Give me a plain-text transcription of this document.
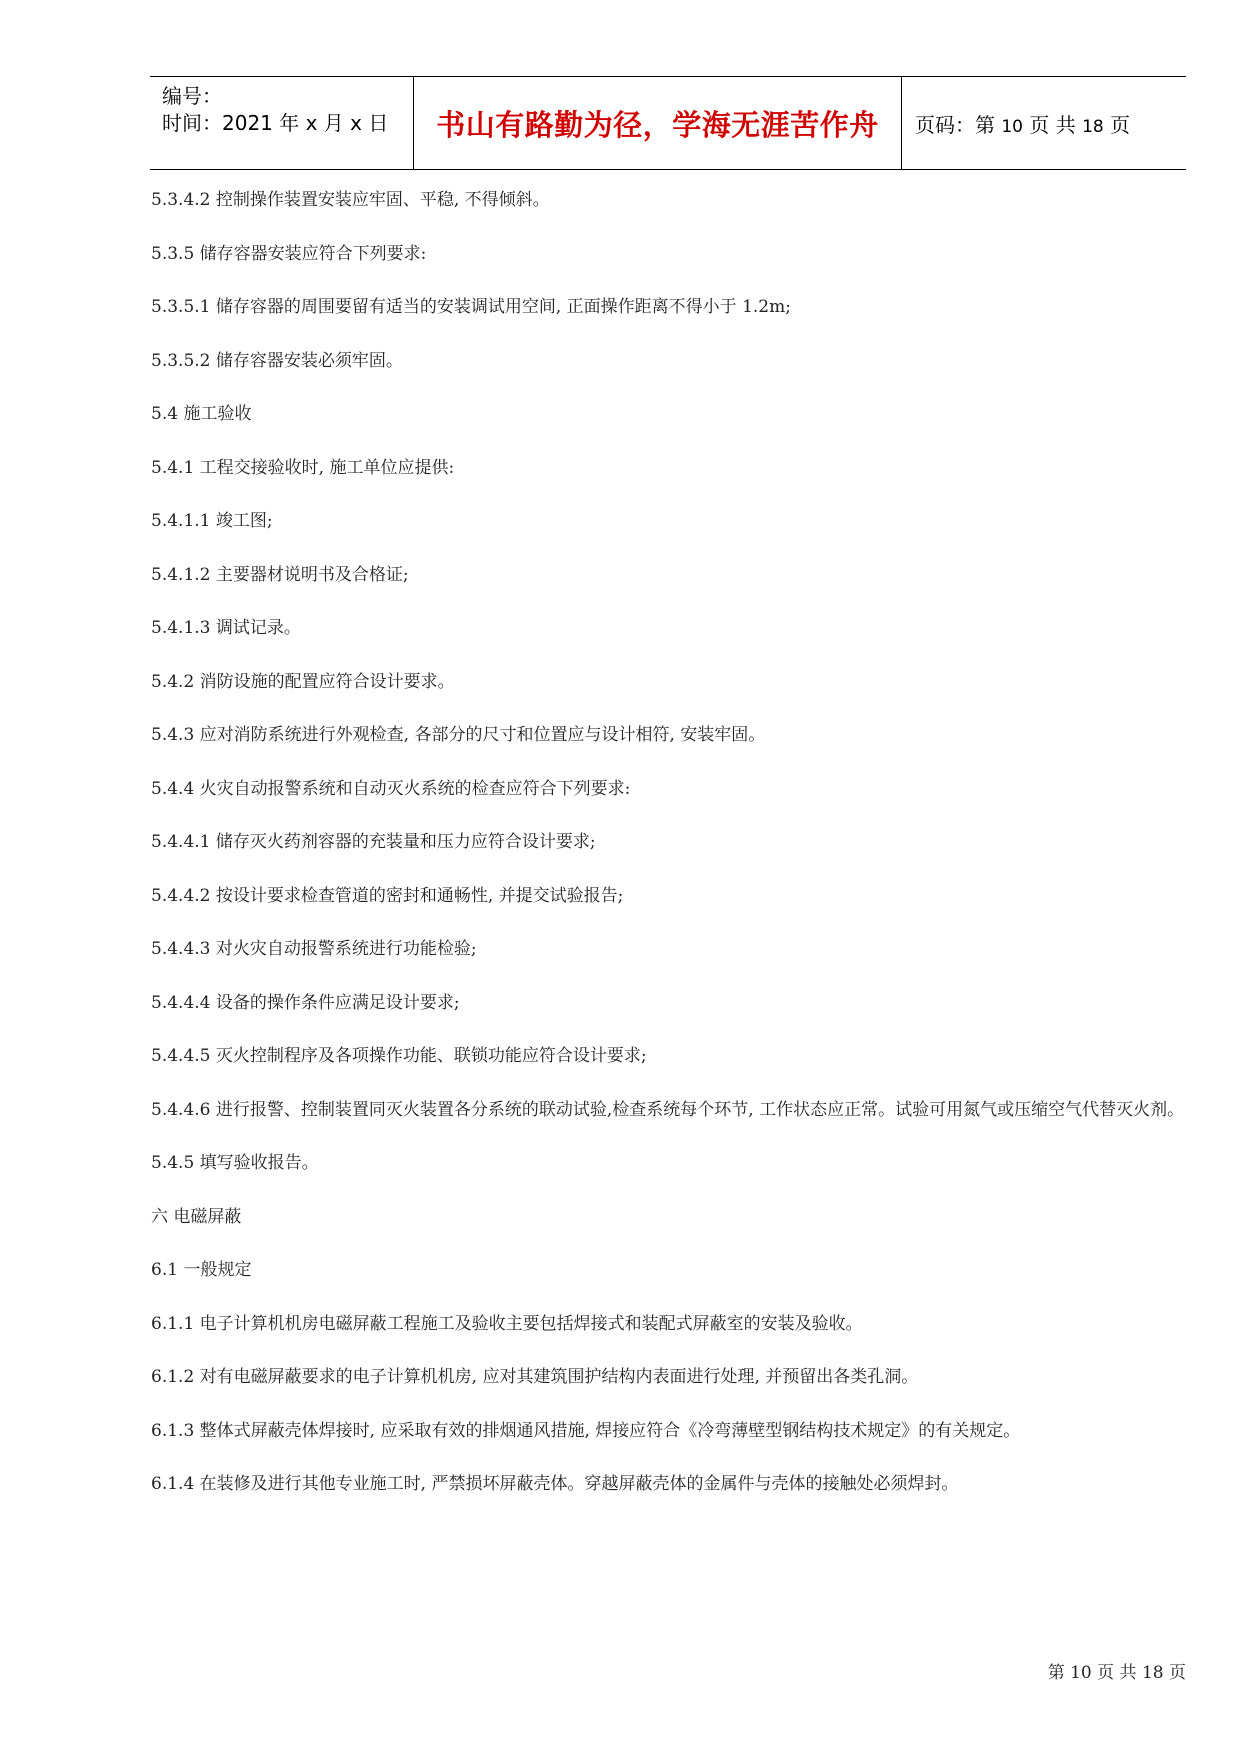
编号：
时间：2021 年 x 月 x 日	书山有路勤为径，学海无涯苦作舟	页码：第 10 页 共 18 页

5.3.4.2 控制操作装置安装应牢固、平稳, 不得倾斜。

5.3.5 储存容器安装应符合下列要求:

5.3.5.1 储存容器的周围要留有适当的安装调试用空间, 正面操作距离不得小于 1.2m;

5.3.5.2 储存容器安装必须牢固。

5.4 施工验收

5.4.1 工程交接验收时, 施工单位应提供:

5.4.1.1 竣工图;

5.4.1.2 主要器材说明书及合格证;

5.4.1.3 调试记录。

5.4.2 消防设施的配置应符合设计要求。

5.4.3 应对消防系统进行外观检查, 各部分的尺寸和位置应与设计相符, 安装牢固。

5.4.4 火灾自动报警系统和自动灭火系统的检查应符合下列要求:

5.4.4.1 储存灭火药剂容器的充装量和压力应符合设计要求;

5.4.4.2 按设计要求检查管道的密封和通畅性, 并提交试验报告;

5.4.4.3 对火灾自动报警系统进行功能检验;

5.4.4.4 设备的操作条件应满足设计要求;

5.4.4.5 灭火控制程序及各项操作功能、联锁功能应符合设计要求;

5.4.4.6 进行报警、控制装置同灭火装置各分系统的联动试验,检查系统每个环节, 工作状态应正常。试验可用氮气或压缩空气代替灭火剂。

5.4.5 填写验收报告。

六 电磁屏蔽

6.1 一般规定

6.1.1 电子计算机机房电磁屏蔽工程施工及验收主要包括焊接式和装配式屏蔽室的安装及验收。

6.1.2 对有电磁屏蔽要求的电子计算机机房, 应对其建筑围护结构内表面进行处理, 并预留出各类孔洞。

6.1.3 整体式屏蔽壳体焊接时, 应采取有效的排烟通风措施, 焊接应符合《冷弯薄壁型钢结构技术规定》的有关规定。

6.1.4 在装修及进行其他专业施工时, 严禁损坏屏蔽壳体。穿越屏蔽壳体的金属件与壳体的接触处必须焊封。

第 10 页 共 18 页
